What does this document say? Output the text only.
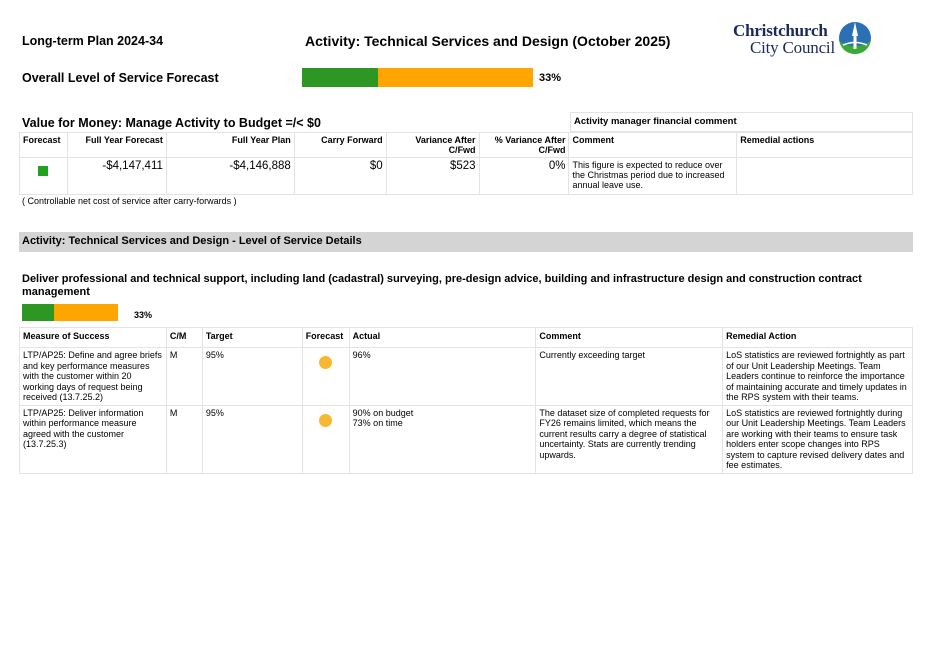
Long-term Plan 2024-34	Activity: Technical Services and Design (October 2025)
Christchurch
City Council
Overall Level of Service Forecast	33%
Value for Money: Manage Activity to Budget =/< $0	Activity manager financial comment
Forecast	Full Year Forecast	Full Year Plan	Carry Forward	Variance After C/Fwd	% Variance After C/Fwd	Comment	Remedial actions
	-$4,147,411	-$4,146,888	$0	$523	0%	This figure is expected to reduce over the Christmas period due to increased annual leave use.	
( Controllable net cost of service after carry-forwards )
Activity: Technical Services and Design - Level of Service Details
Deliver professional and technical support, including land (cadastral) surveying, pre-design advice, building and infrastructure design and construction contract management
33%
Measure of Success	C/M	Target	Forecast	Actual	Comment	Remedial Action
LTP/AP25: Define and agree briefs and key performance measures with the customer within 20 working days of request being received (13.7.25.2)	M	95%		96%	Currently exceeding target	LoS statistics are reviewed fortnightly as part of our Unit Leadership Meetings. Team Leaders continue to reinforce the importance of maintaining accurate and timely updates in the RPS system with their teams.
LTP/AP25: Deliver information within performance measure agreed with the customer (13.7.25.3)	M	95%		90% on budget
73% on time	The dataset size of completed requests for FY26 remains limited, which means the current results carry a degree of statistical uncertainty. Stats are currently trending upwards.	LoS statistics are reviewed fortnightly during our Unit Leadership Meetings. Team Leaders are working with their teams to ensure task holders enter scope changes into RPS system to capture revised delivery dates and fee estimates.
